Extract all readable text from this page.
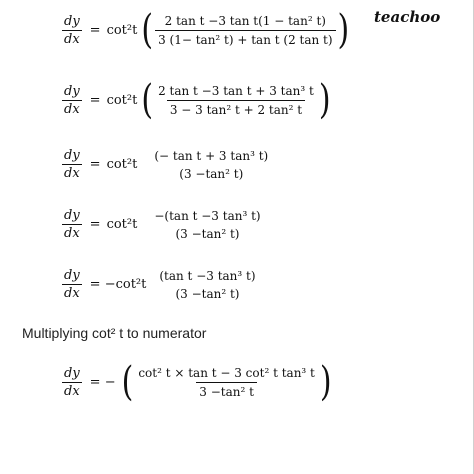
teachoo
$\frac{dy}{dx} = \cot^2t$ ( $\frac{\text{2 tan t −3 tan t(1 − tan² t)}}{\text{3 (1− tan² t) + tan t (2 tan t)}}$ )
$\frac{dy}{dx} = \cot^2t$ ( $\frac{\text{2 tan t −3 tan t + 3 tan³ t}}{\text{3 − 3 tan² t + 2 tan² t}}$ )
$\frac{dy}{dx} = \cot^2t$
(− tan t + 3 tan³ t)
(3 −tan² t)
$\frac{dy}{dx} = \cot^2t$
−(tan t −3 tan³ t)
(3 −tan² t)
$\frac{dy}{dx} = -\cot^2t$
(tan t −3 tan³ t)
(3 −tan² t)
Multiplying cot² t to numerator
$\frac{dy}{dx}$ = − ( $\frac{\text{cot² t × tan t − 3 cot² t tan³ t}}{\text{3 −tan² t}}$ )
